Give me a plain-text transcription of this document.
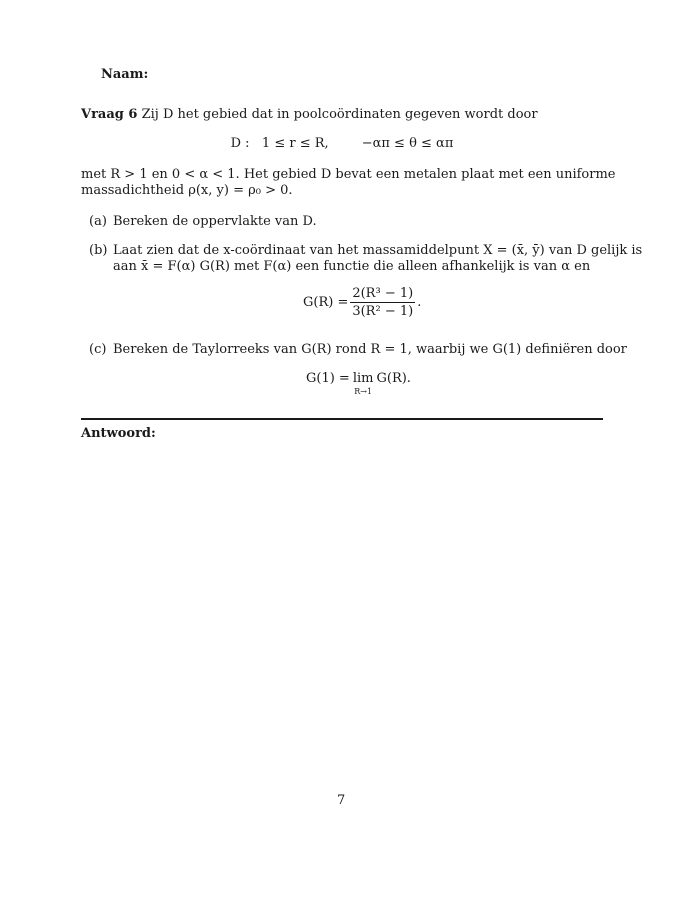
Naam:
Vraag 6 Zij D het gebied dat in poolcoördinaten gegeven wordt door
D :   1 ≤ r ≤ R,        −απ ≤ θ ≤ απ
met R > 1 en 0 < α < 1. Het gebied D bevat een metalen plaat met een uniforme
massadichtheid ρ(x, y) = ρ₀ > 0.
(a) Bereken de oppervlakte van D.
(b) Laat zien dat de x-coördinaat van het massamiddelpunt X = (x̄, ȳ) van D gelijk is
aan x̄ = F(α) G(R) met F(α) een functie die alleen afhankelijk is van α en
$G(R) = \frac{\text{2(R³ − 1)}}{\text{3(R² − 1)}}$ .
(c) Bereken de Taylorreeks van G(R) rond R = 1, waarbij we G(1) definiëren door
G(1) = lim
R→1
G(R).
Antwoord:
7
